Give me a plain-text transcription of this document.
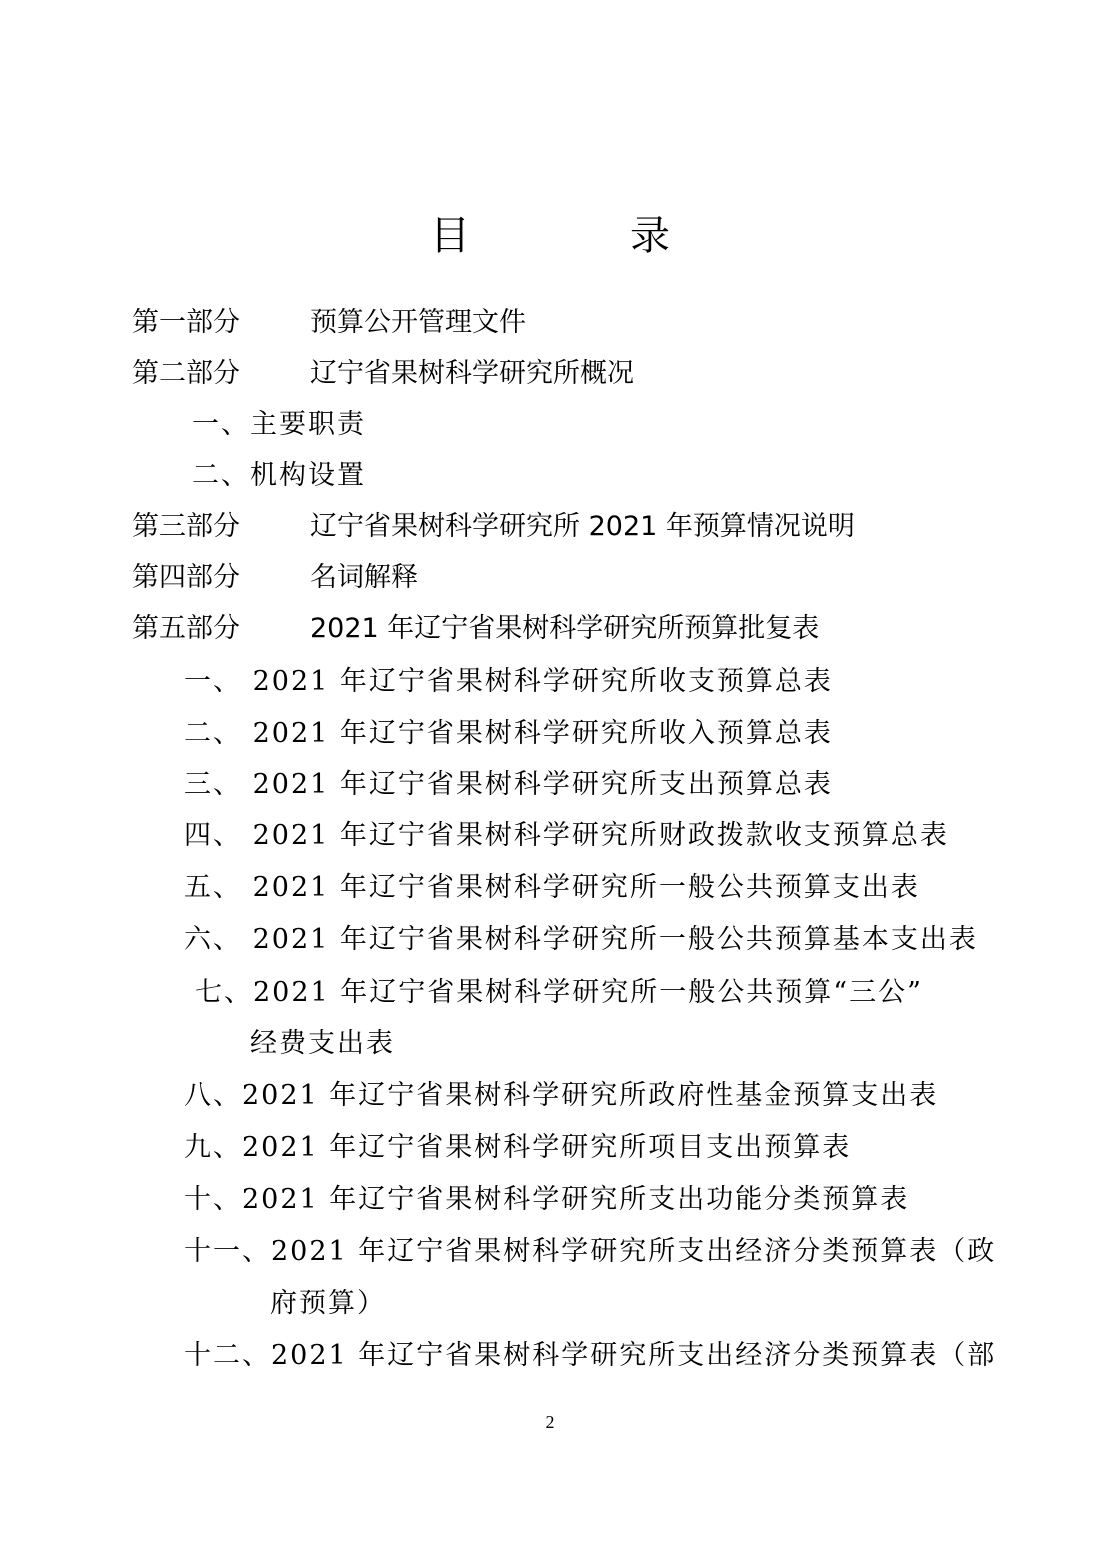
目　录
第一部分	预算公开管理文件
第二部分	辽宁省果树科学研究所概况
一、主要职责
二、机构设置
第三部分	辽宁省果树科学研究所 2021 年预算情况说明
第四部分	名词解释
第五部分	2021 年辽宁省果树科学研究所预算批复表
一、 2021 年辽宁省果树科学研究所收支预算总表
二、 2021 年辽宁省果树科学研究所收入预算总表
三、 2021 年辽宁省果树科学研究所支出预算总表
四、 2021 年辽宁省果树科学研究所财政拨款收支预算总表
五、 2021 年辽宁省果树科学研究所一般公共预算支出表
六、 2021 年辽宁省果树科学研究所一般公共预算基本支出表
七、2021 年辽宁省果树科学研究所一般公共预算“三公”
经费支出表
八、2021 年辽宁省果树科学研究所政府性基金预算支出表
九、2021 年辽宁省果树科学研究所项目支出预算表
十、2021 年辽宁省果树科学研究所支出功能分类预算表
十一、2021 年辽宁省果树科学研究所支出经济分类预算表（政
府预算）
十二、2021 年辽宁省果树科学研究所支出经济分类预算表（部
2
